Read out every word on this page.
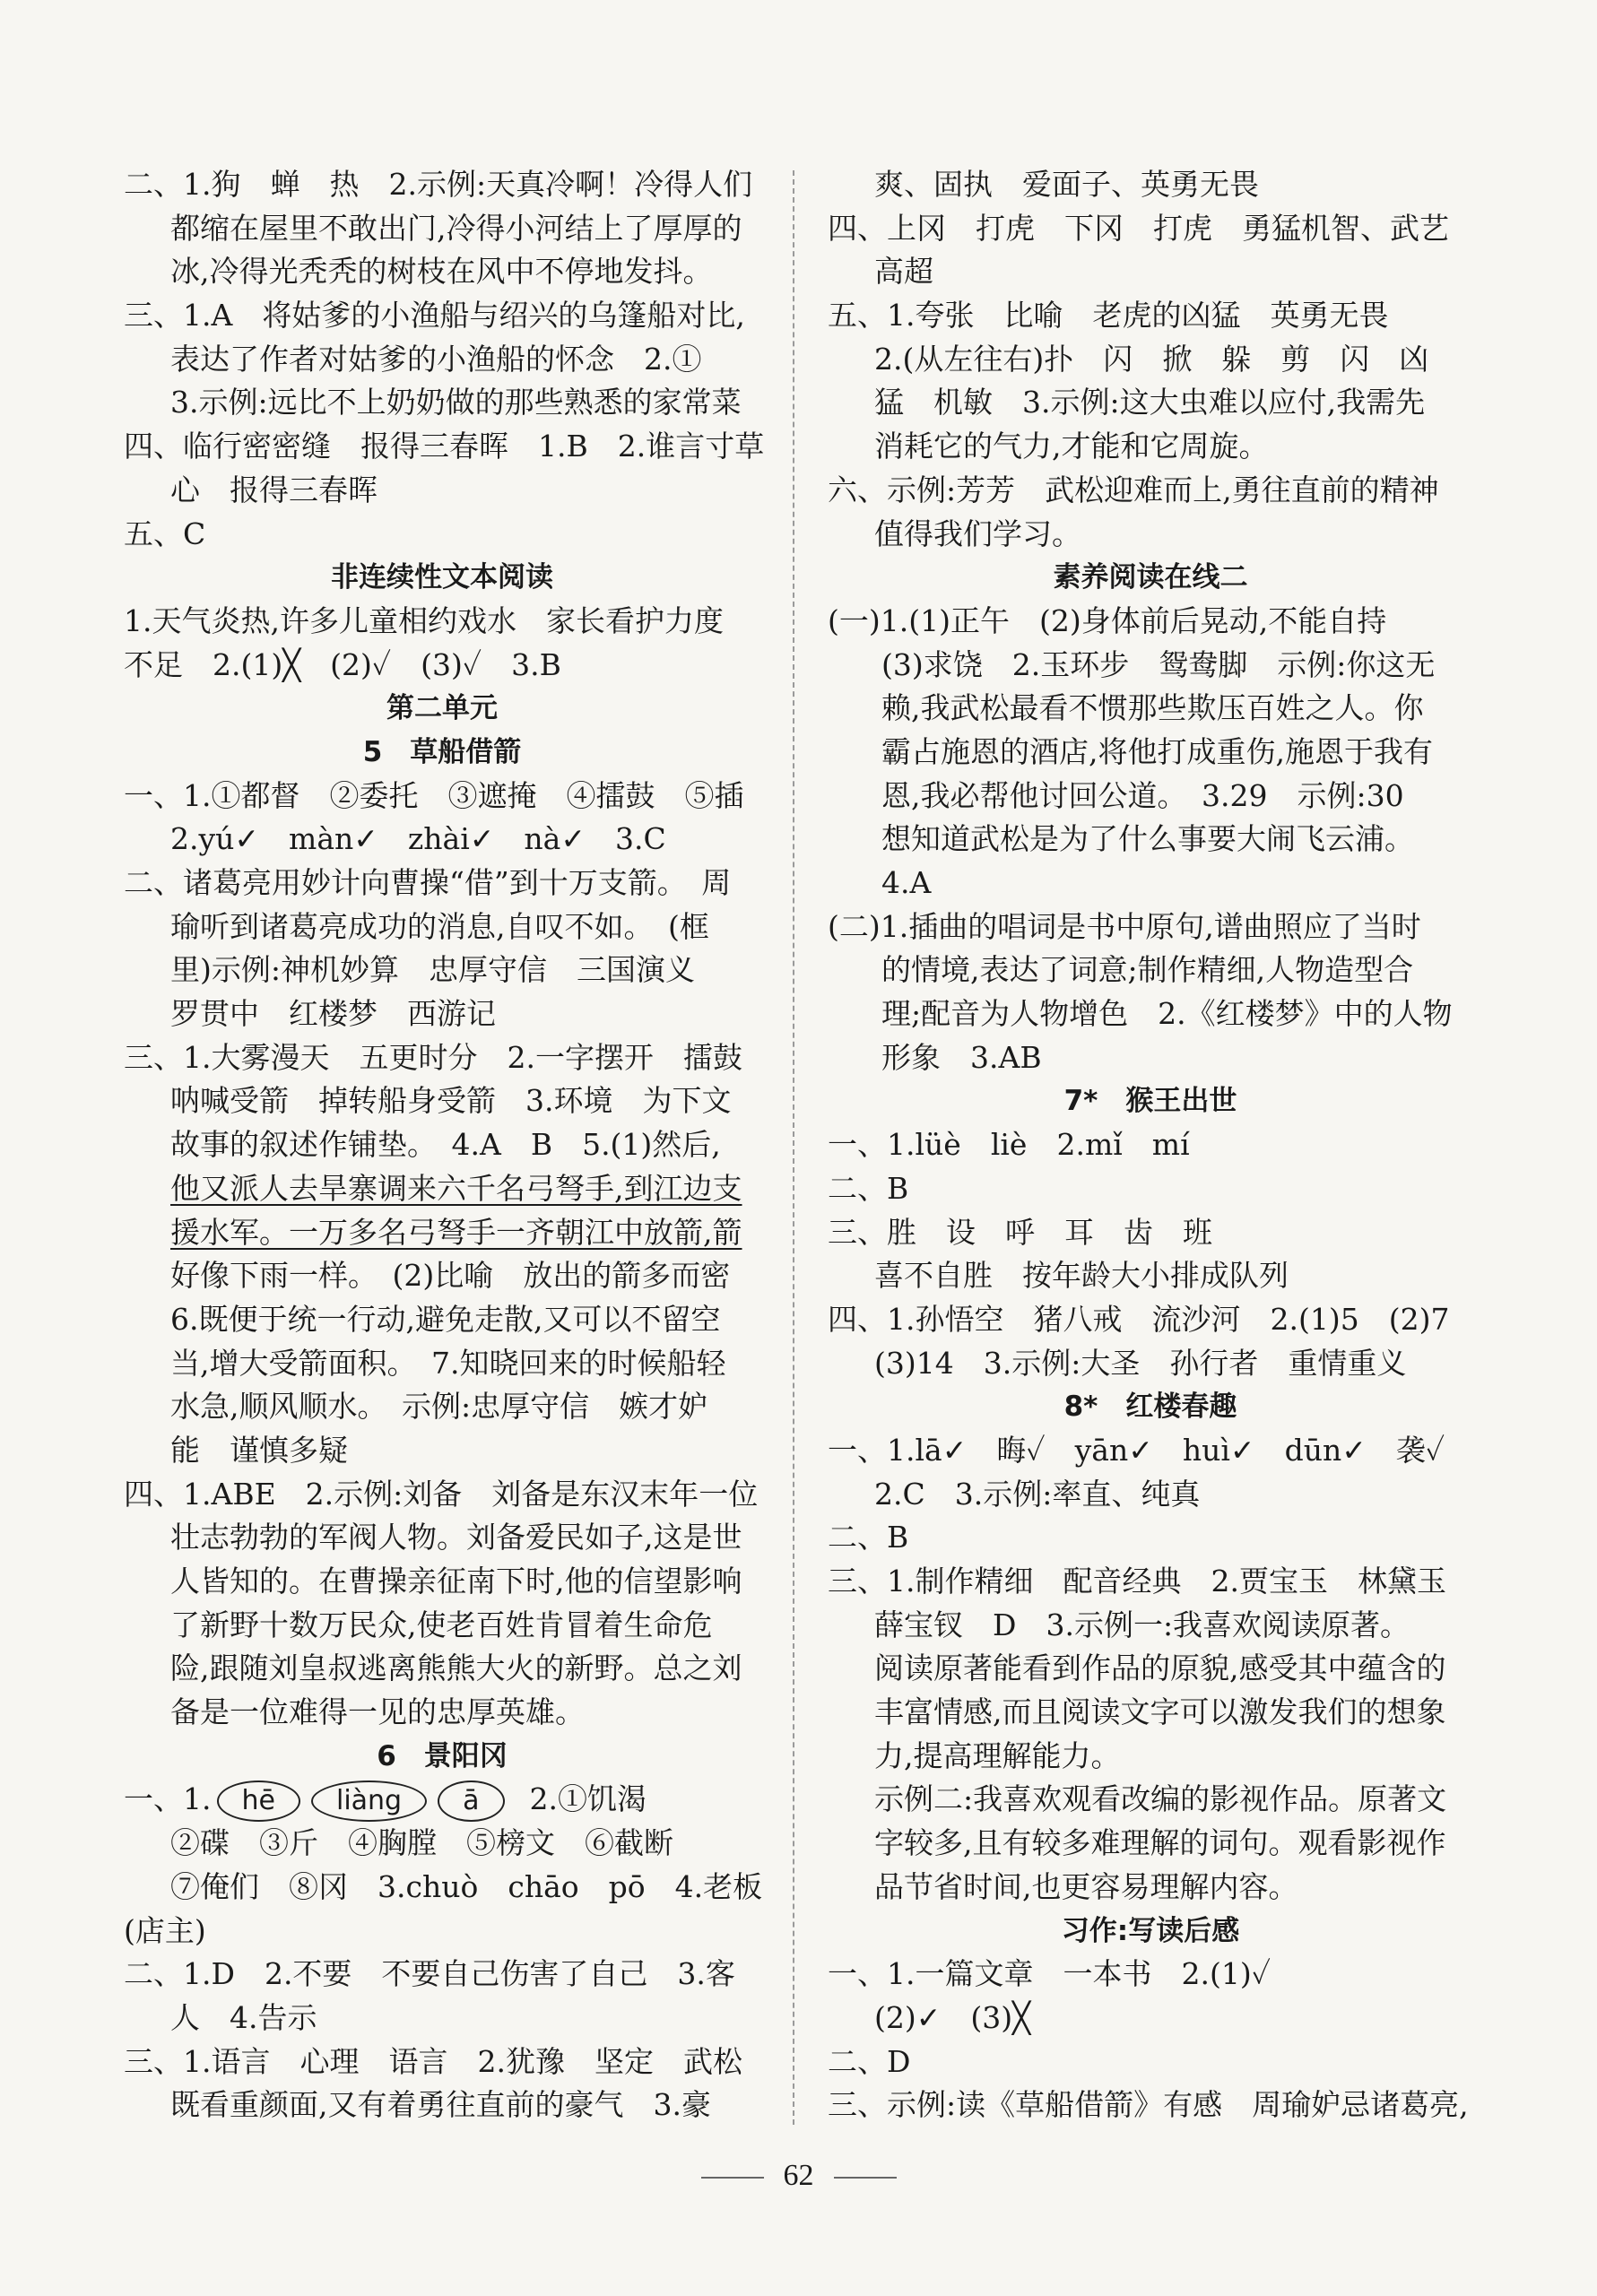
二、1.狗　蝉　热　2.示例:天真冷啊！冷得人们
都缩在屋里不敢出门,冷得小河结上了厚厚的
冰,冷得光秃秃的树枝在风中不停地发抖。
三、1.A　将姑爹的小渔船与绍兴的乌篷船对比,
表达了作者对姑爹的小渔船的怀念　2.①
3.示例:远比不上奶奶做的那些熟悉的家常菜
四、临行密密缝　报得三春晖　1.B　2.谁言寸草
心　报得三春晖
五、C
非连续性文本阅读
1.天气炎热,许多儿童相约戏水　家长看护力度
不足　2.(1)╳　(2)✓　(3)✓　3.B
第二单元
5　草船借箭
一、1.①都督　②委托　③遮掩　④擂鼓　⑤插
2.yú✓　màn✓　zhài✓　nà✓　3.C
二、诸葛亮用妙计向曹操“借”到十万支箭。　周
瑜听到诸葛亮成功的消息,自叹不如。　(框
里)示例:神机妙算　忠厚守信　三国演义
罗贯中　红楼梦　西游记
三、1.大雾漫天　五更时分　2.一字摆开　擂鼓
呐喊受箭　掉转船身受箭　3.环境　为下文
故事的叙述作铺垫。　4.A　B　5.(1)然后,
他又派人去旱寨调来六千名弓弩手,到江边支
援水军。一万多名弓弩手一齐朝江中放箭,箭
好像下雨一样。　(2)比喻　放出的箭多而密
6.既便于统一行动,避免走散,又可以不留空
当,增大受箭面积。　7.知晓回来的时候船轻
水急,顺风顺水。　示例:忠厚守信　嫉才妒
能　谨慎多疑
四、1.ABE　2.示例:刘备　刘备是东汉末年一位
壮志勃勃的军阀人物。刘备爱民如子,这是世
人皆知的。在曹操亲征南下时,他的信望影响
了新野十数万民众,使老百姓肯冒着生命危
险,跟随刘皇叔逃离熊熊大火的新野。总之刘
备是一位难得一见的忠厚英雄。
6　景阳冈
一、1. hē liàng ā 2.①饥渴
②碟　③斤　④胸膛　⑤榜文　⑥截断
⑦俺们　⑧冈　3.chuò　chāo　pō　4.老板
(店主)
二、1.D　2.不要　不要自己伤害了自己　3.客
人　4.告示
三、1.语言　心理　语言　2.犹豫　坚定　武松
既看重颜面,又有着勇往直前的豪气　3.豪
爽、固执　爱面子、英勇无畏
四、上冈　打虎　下冈　打虎　勇猛机智、武艺
高超
五、1.夸张　比喻　老虎的凶猛　英勇无畏
2.(从左往右)扑　闪　掀　躲　剪　闪　凶
猛　机敏　3.示例:这大虫难以应付,我需先
消耗它的气力,才能和它周旋。
六、示例:芳芳　武松迎难而上,勇往直前的精神
值得我们学习。
素养阅读在线二
(一)1.(1)正午　(2)身体前后晃动,不能自持
(3)求饶　2.玉环步　鸳鸯脚　示例:你这无
赖,我武松最看不惯那些欺压百姓之人。你
霸占施恩的酒店,将他打成重伤,施恩于我有
恩,我必帮他讨回公道。　3.29　示例:30
想知道武松是为了什么事要大闹飞云浦。
4.A
(二)1.插曲的唱词是书中原句,谱曲照应了当时
的情境,表达了词意;制作精细,人物造型合
理;配音为人物增色　2.《红楼梦》中的人物
形象　3.AB
7*　猴王出世
一、1.lüè　liè　2.mǐ　mí
二、B
三、胜　设　呼　耳　齿　班
喜不自胜　按年龄大小排成队列
四、1.孙悟空　猪八戒　流沙河　2.(1)5　(2)7
(3)14　3.示例:大圣　孙行者　重情重义
8*　红楼春趣
一、1.lā✓　晦✓　yān✓　huì✓　dūn✓　袭✓
2.C　3.示例:率直、纯真
二、B
三、1.制作精细　配音经典　2.贾宝玉　林黛玉
薛宝钗　D　3.示例一:我喜欢阅读原著。
阅读原著能看到作品的原貌,感受其中蕴含的
丰富情感,而且阅读文字可以激发我们的想象
力,提高理解能力。
示例二:我喜欢观看改编的影视作品。原著文
字较多,且有较多难理解的词句。观看影视作
品节省时间,也更容易理解内容。
习作:写读后感
一、1.一篇文章　一本书　2.(1)✓
(2)✓　(3)╳
二、D
三、示例:读《草船借箭》有感　周瑜妒忌诸葛亮,
62
